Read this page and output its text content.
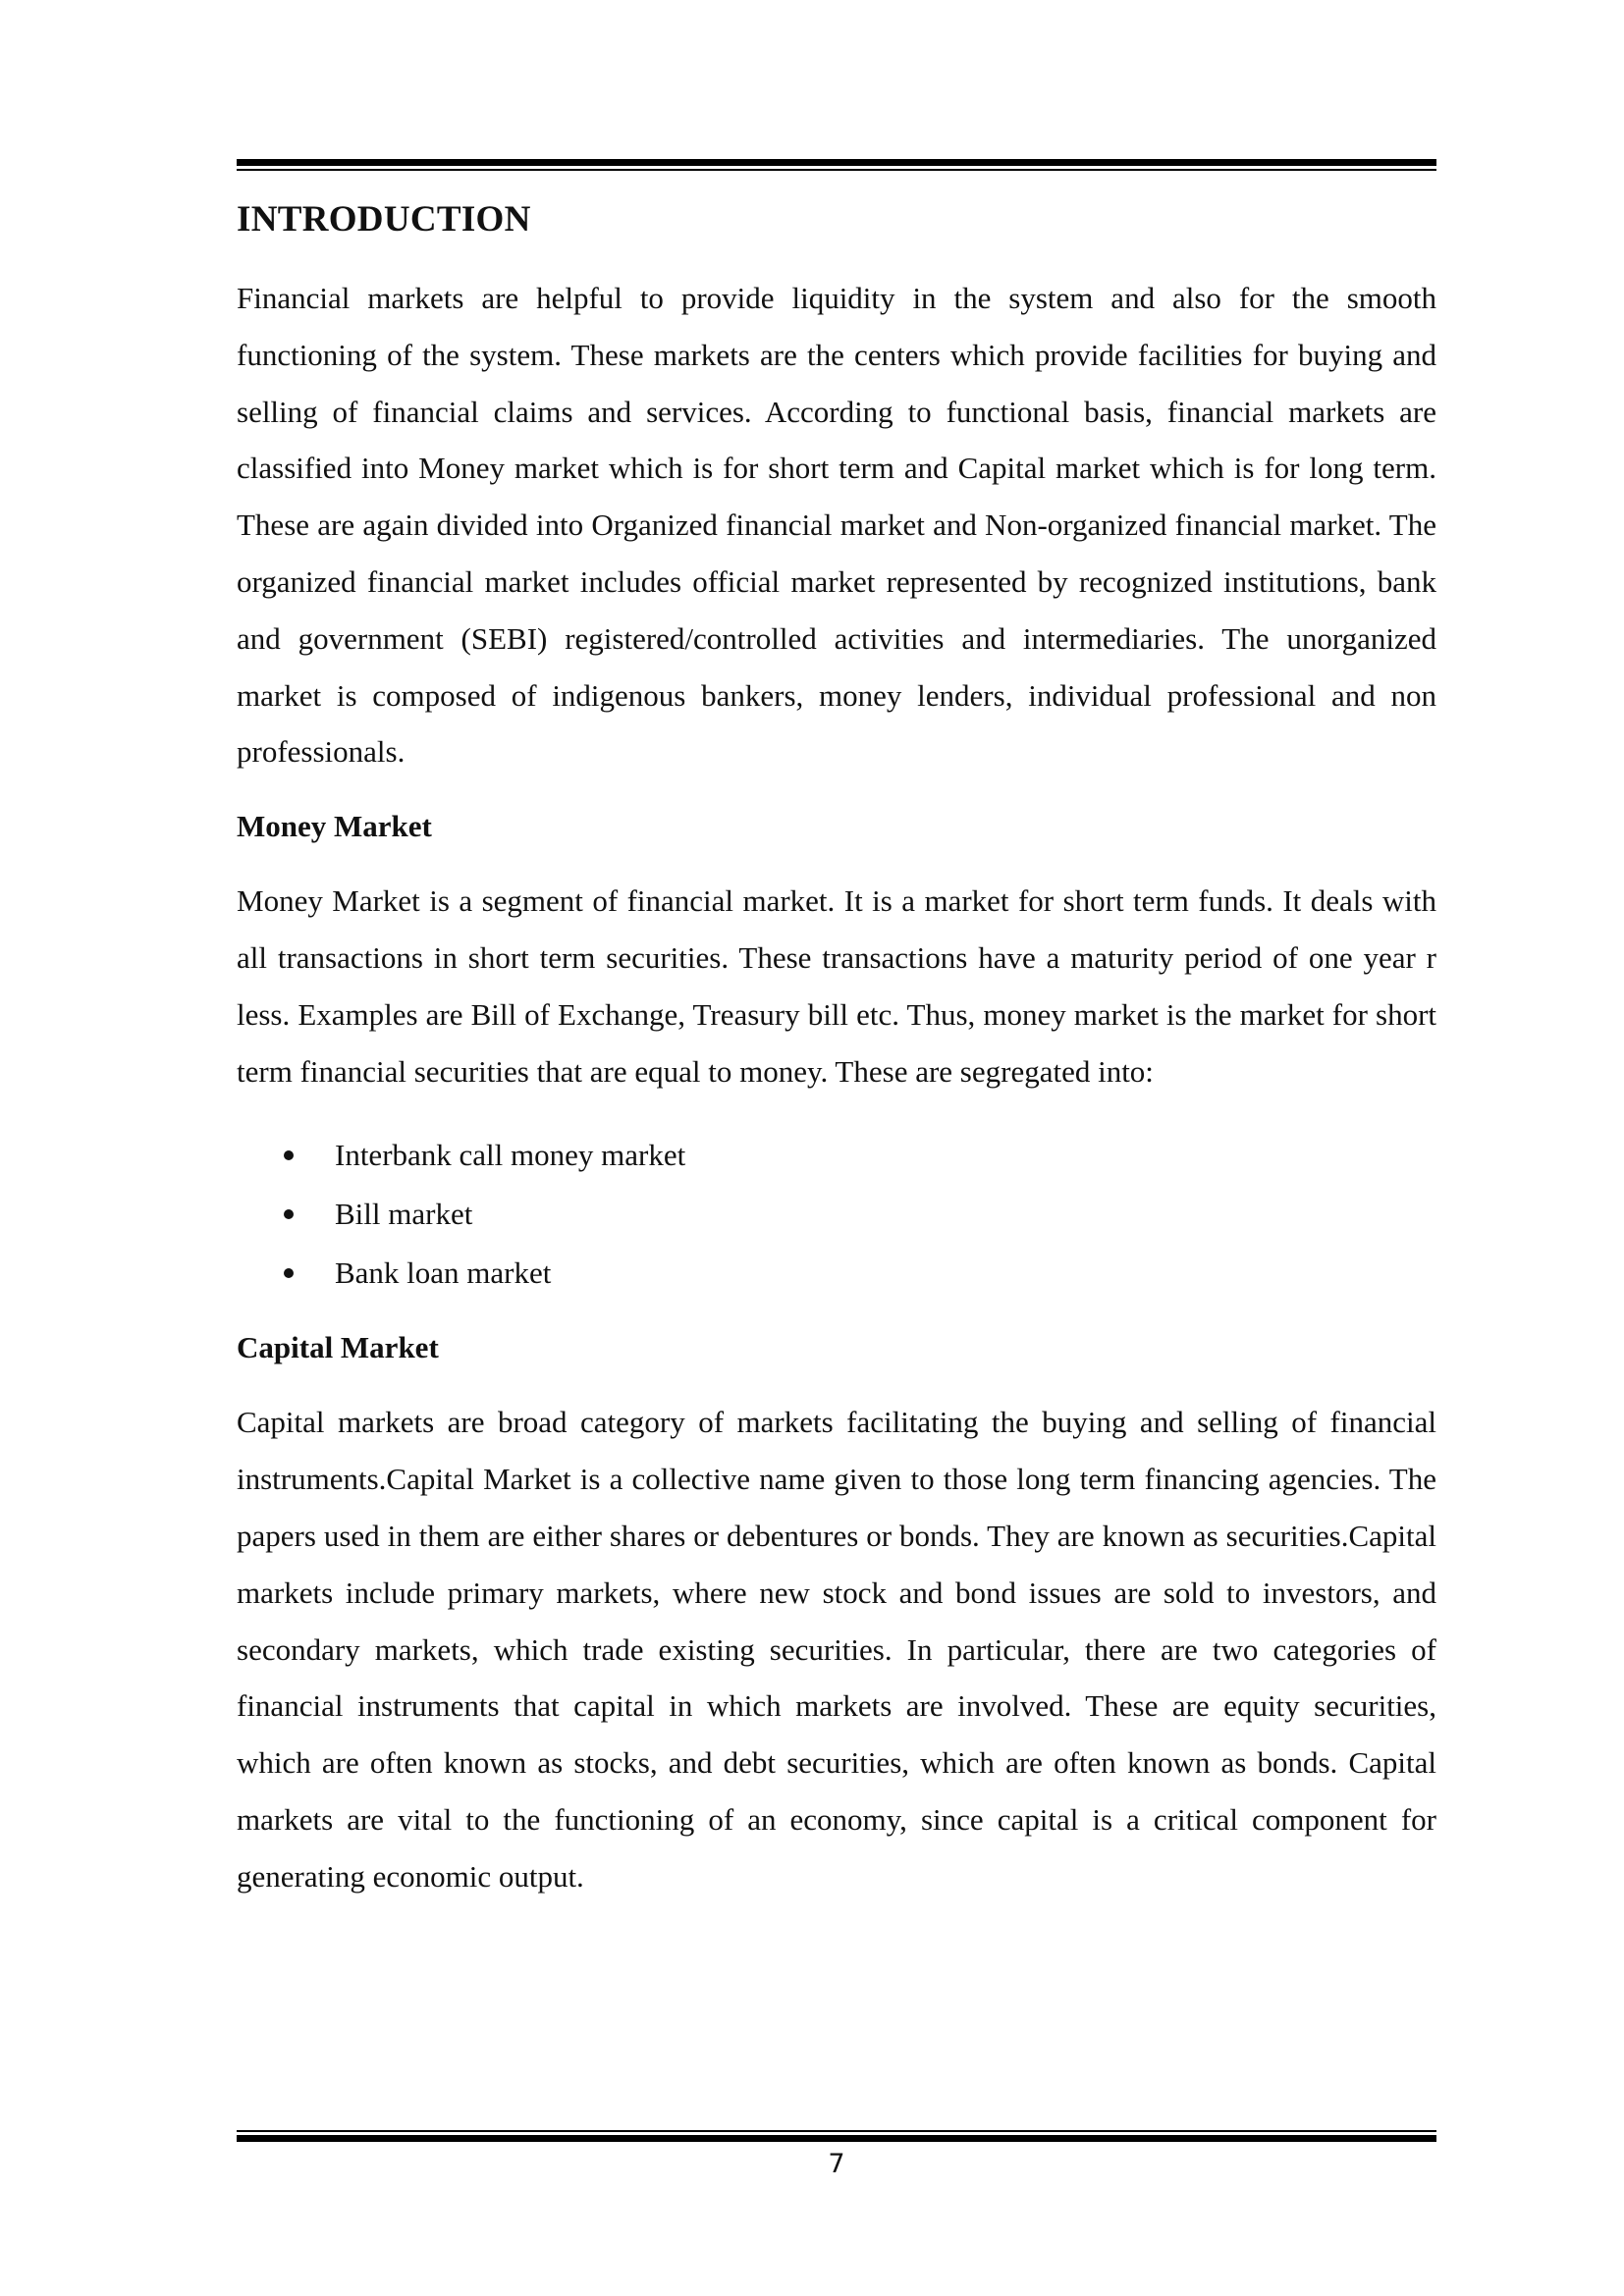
INTRODUCTION

Financial markets are helpful to provide liquidity in the system and also for the smooth functioning of the system. These markets are the centers which provide facilities for buying and selling of financial claims and services. According to functional basis, financial markets are classified into Money market which is for short term and Capital market which is for long term. These are again divided into Organized financial market and Non-organized financial market. The organized financial market includes official market represented by recognized institutions, bank and government (SEBI) registered/controlled activities and intermediaries. The unorganized market is composed of indigenous bankers, money lenders, individual professional and non professionals.

Money Market

Money Market is a segment of financial market. It is a market for short term funds. It deals with all transactions in short term securities. These transactions have a maturity period of one year r less. Examples are Bill of Exchange, Treasury bill etc. Thus, money market is the market for short term financial securities that are equal to money. These are segregated into:

Interbank call money market
Bill market
Bank loan market
Capital Market

Capital markets are broad category of markets facilitating the buying and selling of financial instruments.Capital Market is a collective name given to those long term financing agencies. The papers used in them are either shares or debentures or bonds. They are known as securities.Capital markets include primary markets, where new stock and bond issues are sold to investors, and secondary markets, which trade existing securities. In particular, there are two categories of financial instruments that capital in which markets are involved. These are equity securities, which are often known as stocks, and debt securities, which are often known as bonds. Capital markets are vital to the functioning of an economy, since capital is a critical component for generating economic output.

7
